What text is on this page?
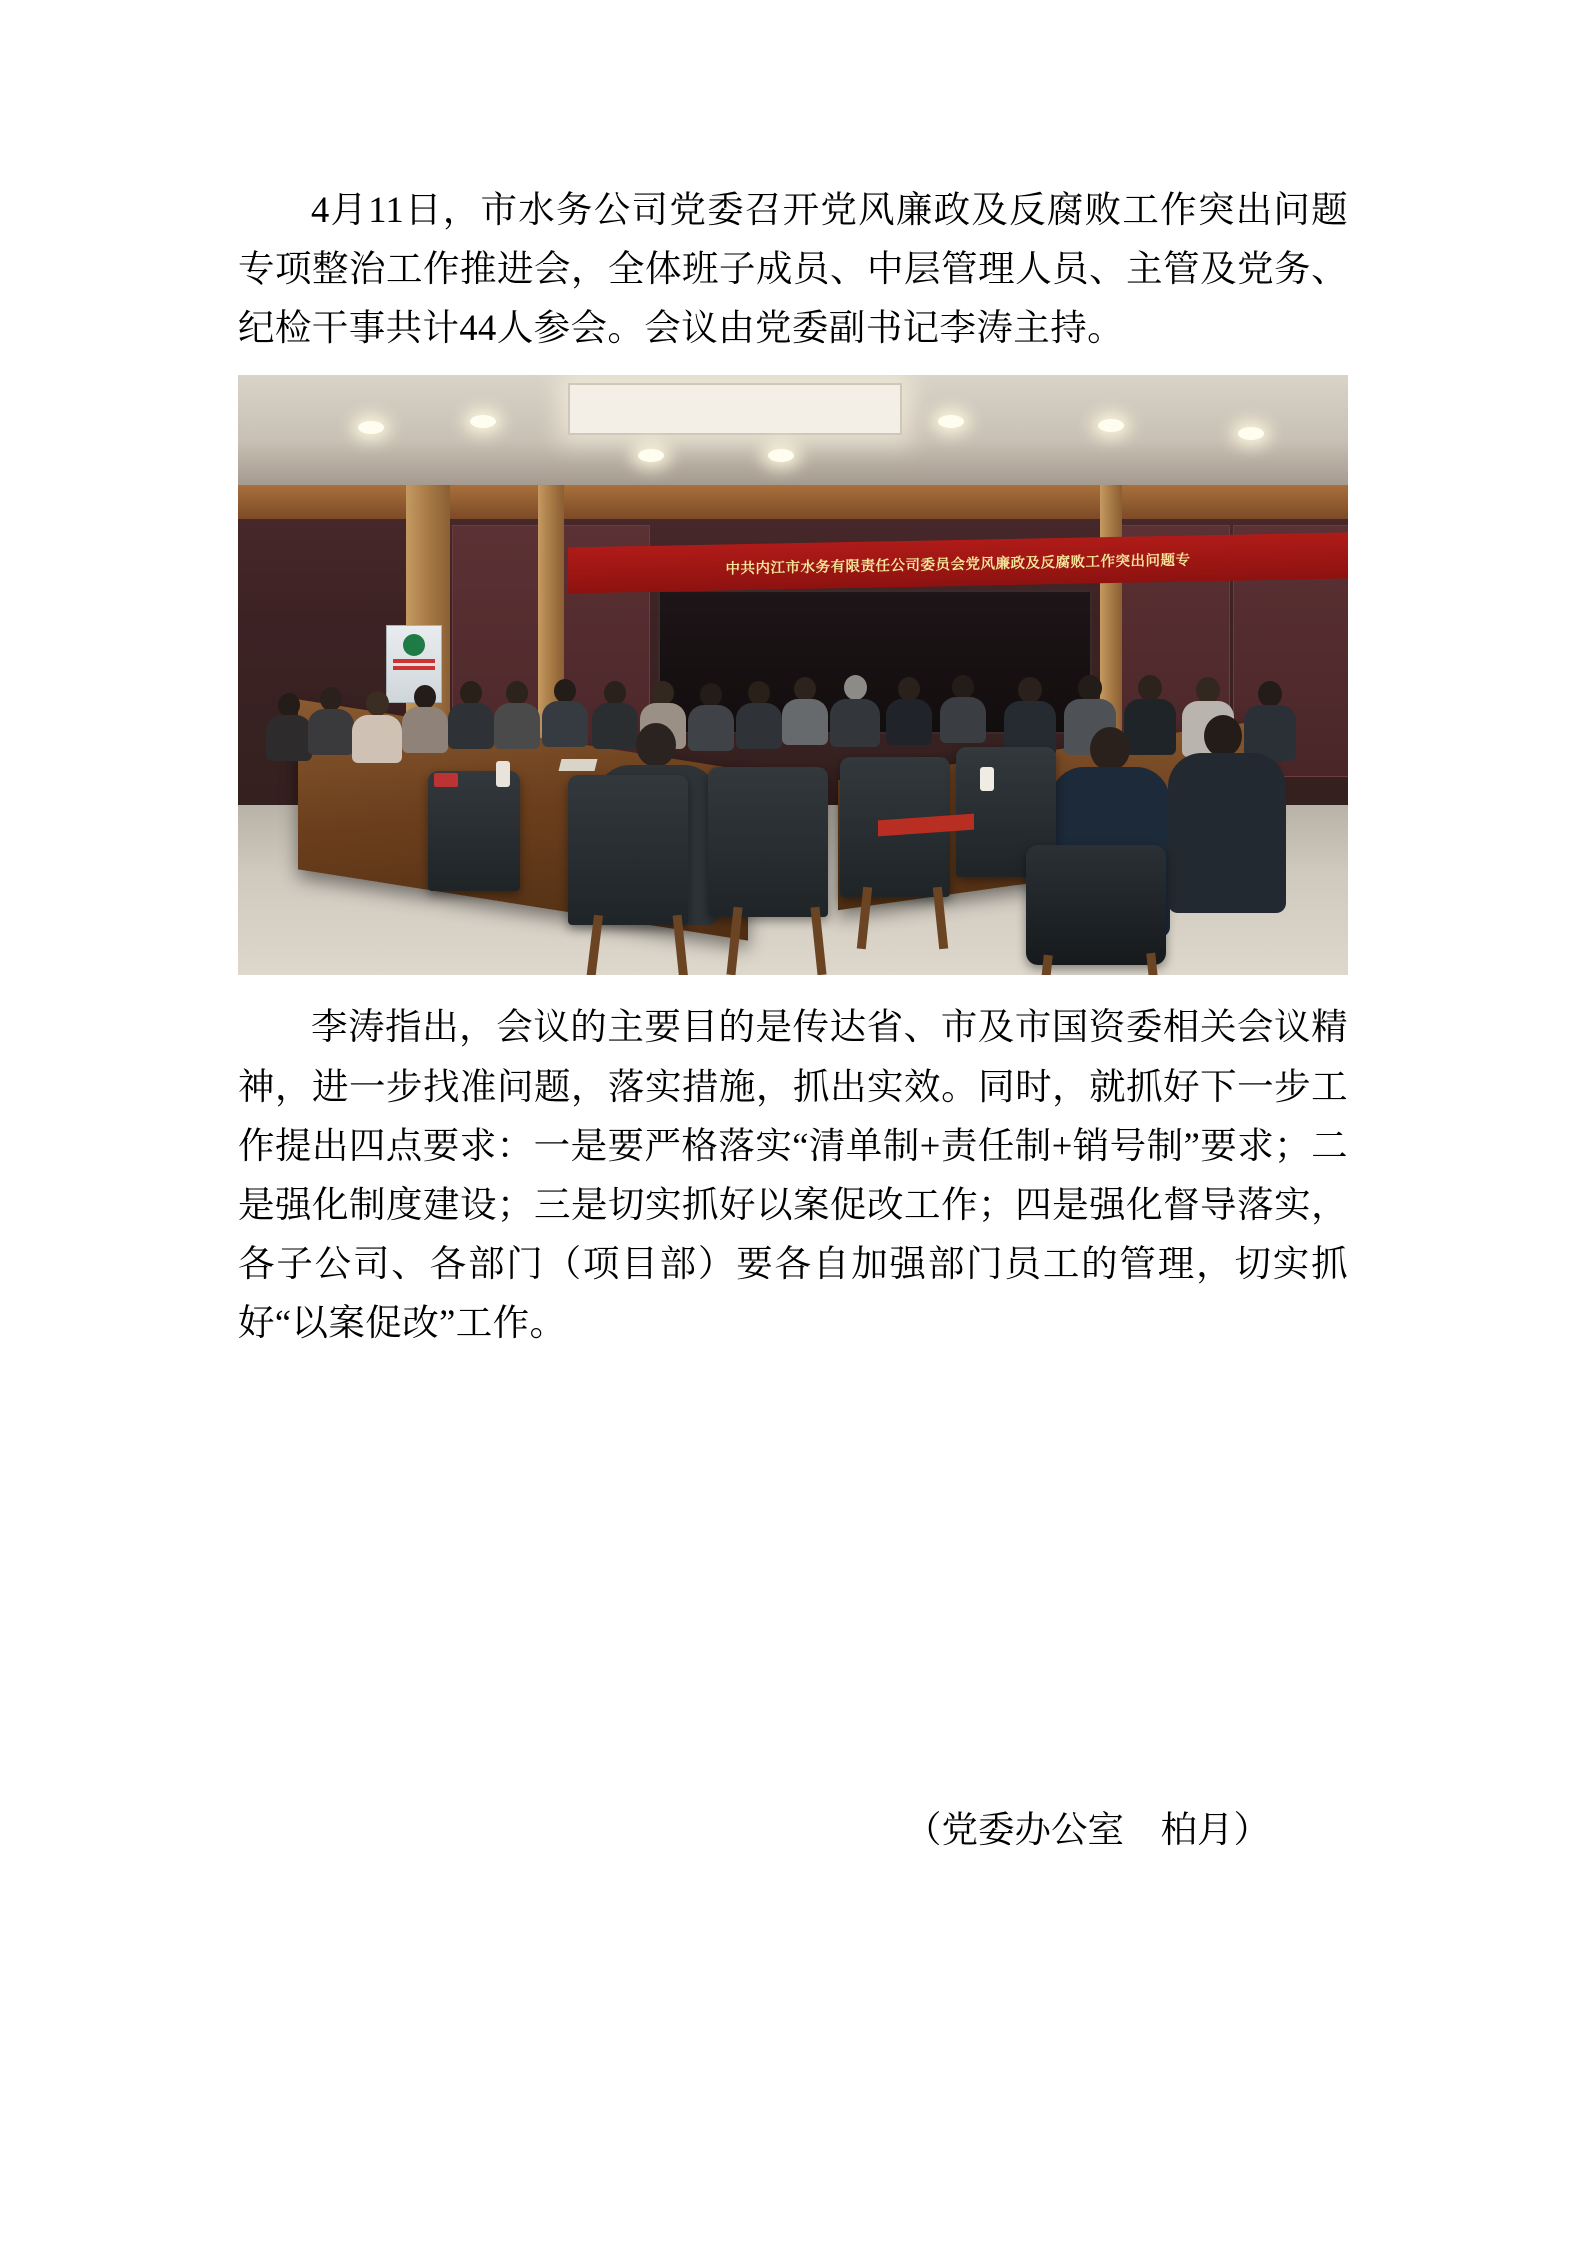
4月11日，市水务公司党委召开党风廉政及反腐败工作突出问题专项整治工作推进会，全体班子成员、中层管理人员、主管及党务、纪检干事共计44人参会。会议由党委副书记李涛主持。

中共内江市水务有限责任公司委员会党风廉政及反腐败工作突出问题专

李涛指出，会议的主要目的是传达省、市及市国资委相关会议精神，进一步找准问题，落实措施，抓出实效。同时，就抓好下一步工作提出四点要求：一是要严格落实“清单制+责任制+销号制”要求；二是强化制度建设；三是切实抓好以案促改工作；四是强化督导落实，各子公司、各部门（项目部）要各自加强部门员工的管理，切实抓好“以案促改”工作。

（党委办公室　柏月）
